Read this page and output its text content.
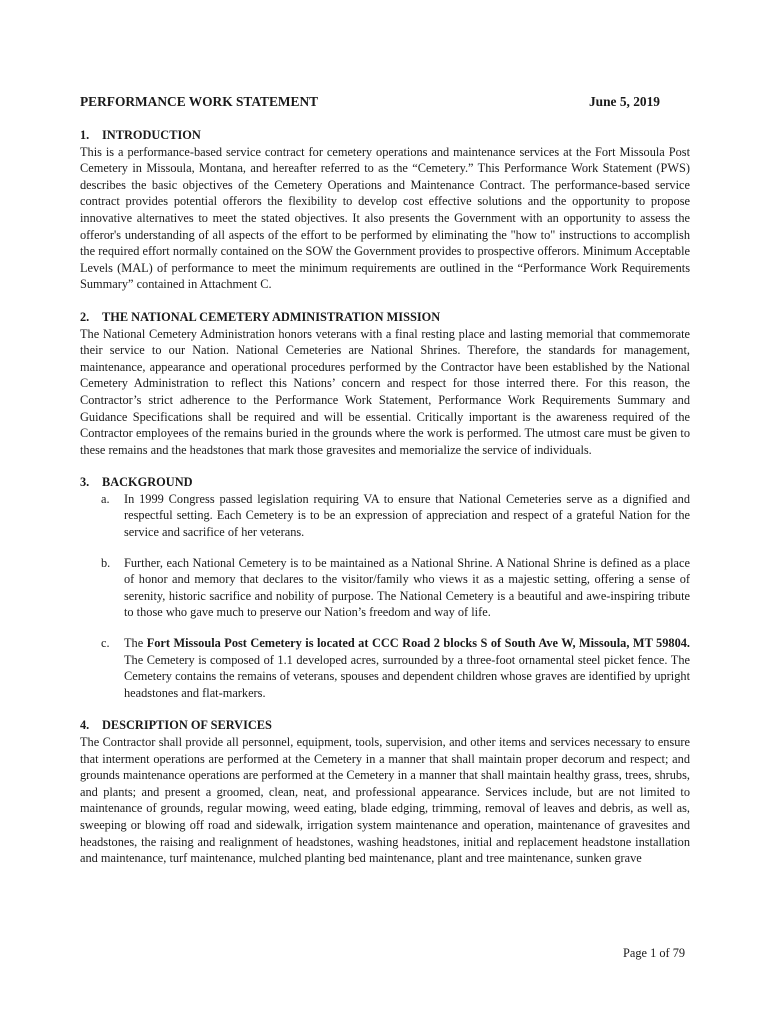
PERFORMANCE WORK STATEMENT	June 5, 2019
1. INTRODUCTION

This is a performance-based service contract for cemetery operations and maintenance services at the Fort Missoula Post Cemetery in Missoula, Montana, and hereafter referred to as the “Cemetery.” This Performance Work Statement (PWS) describes the basic objectives of the Cemetery Operations and Maintenance Contract. The performance-based service contract provides potential offerors the flexibility to develop cost effective solutions and the opportunity to propose innovative alternatives to meet the stated objectives. It also presents the Government with an opportunity to assess the offeror's understanding of all aspects of the effort to be performed by eliminating the "how to" instructions to accomplish the required effort normally contained on the SOW the Government provides to prospective offerors. Minimum Acceptable Levels (MAL) of performance to meet the minimum requirements are outlined in the “Performance Work Requirements Summary” contained in Attachment C.

2. THE NATIONAL CEMETERY ADMINISTRATION MISSION

The National Cemetery Administration honors veterans with a final resting place and lasting memorial that commemorate their service to our Nation. National Cemeteries are National Shrines. Therefore, the standards for management, maintenance, appearance and operational procedures performed by the Contractor have been established by the National Cemetery Administration to reflect this Nations’ concern and respect for those interred there. For this reason, the Contractor’s strict adherence to the Performance Work Statement, Performance Work Requirements Summary and Guidance Specifications shall be required and will be essential. Critically important is the awareness required of the Contractor employees of the remains buried in the grounds where the work is performed. The utmost care must be given to these remains and the headstones that mark those gravesites and memorialize the service of individuals.

3. BACKGROUND
a.	In 1999 Congress passed legislation requiring VA to ensure that National Cemeteries serve as a dignified and respectful setting. Each Cemetery is to be an expression of appreciation and respect of a grateful Nation for the service and sacrifice of her veterans.

b.	Further, each National Cemetery is to be maintained as a National Shrine. A National Shrine is defined as a place of honor and memory that declares to the visitor/family who views it as a majestic setting, offering a sense of serenity, historic sacrifice and nobility of purpose. The National Cemetery is a beautiful and awe-inspiring tribute to those who gave much to preserve our Nation’s freedom and way of life.

c.	The Fort Missoula Post Cemetery is located at CCC Road 2 blocks S of South Ave W, Missoula, MT 59804. The Cemetery is composed of 1.1 developed acres, surrounded by a three-foot ornamental steel picket fence. The Cemetery contains the remains of veterans, spouses and dependent children whose graves are identified by upright headstones and flat-markers.

4. DESCRIPTION OF SERVICES

The Contractor shall provide all personnel, equipment, tools, supervision, and other items and services necessary to ensure that interment operations are performed at the Cemetery in a manner that shall maintain proper decorum and respect; and grounds maintenance operations are performed at the Cemetery in a manner that shall maintain healthy grass, trees, shrubs, and plants; and present a groomed, clean, neat, and professional appearance. Services include, but are not limited to maintenance of grounds, regular mowing, weed eating, blade edging, trimming, removal of leaves and debris, as well as, sweeping or blowing off road and sidewalk, irrigation system maintenance and operation, maintenance of gravesites and headstones, the raising and realignment of headstones, washing headstones, initial and replacement headstone installation and maintenance, turf maintenance, mulched planting bed maintenance, plant and tree maintenance, sunken grave

Page 1 of 79
